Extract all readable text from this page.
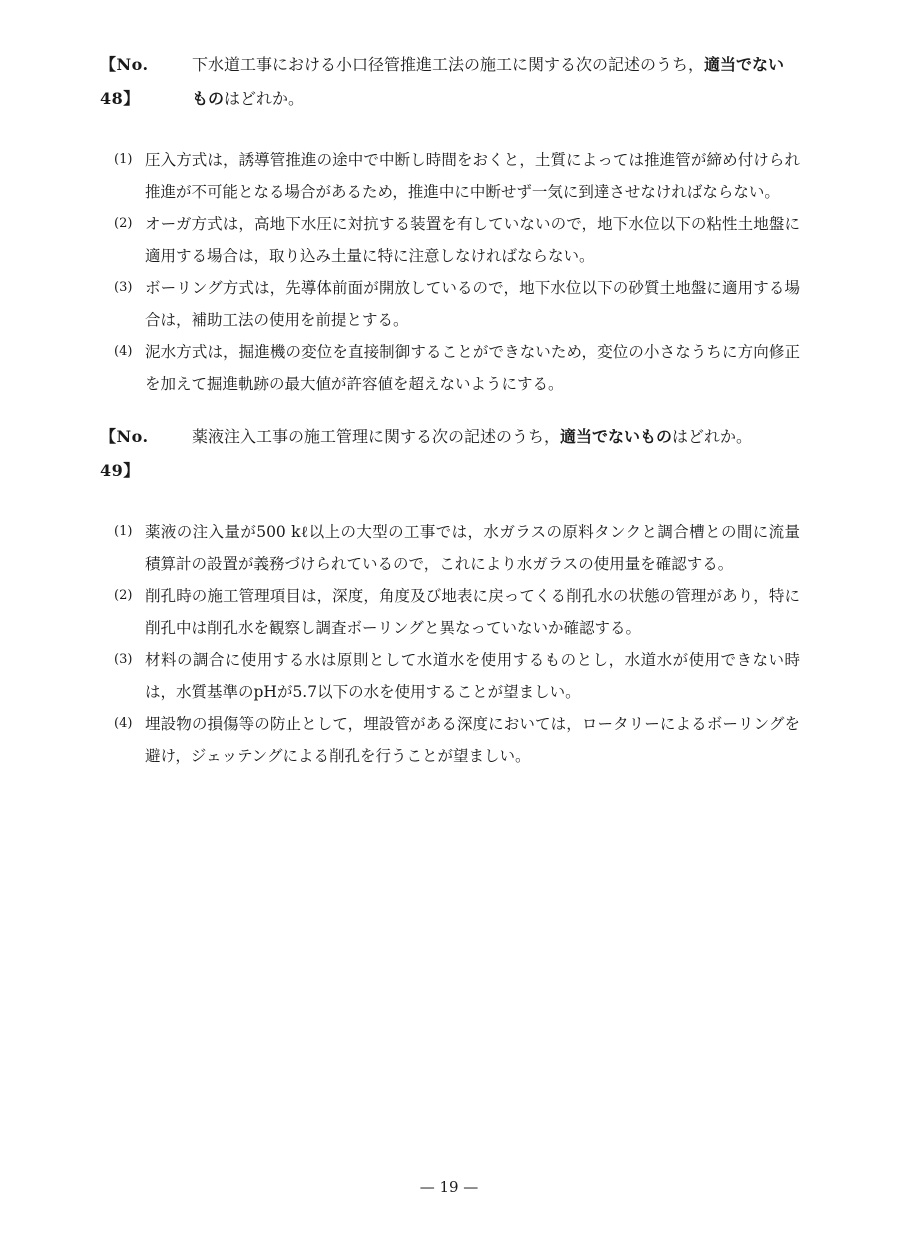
【No.　48】
下水道工事における小口径管推進工法の施工に関する次の記述のうち，適当でないものはどれか。
(1) 圧入方式は，誘導管推進の途中で中断し時間をおくと，土質によっては推進管が締め付けられ推進が不可能となる場合があるため，推進中に中断せず一気に到達させなければならない。
(2) オーガ方式は，高地下水圧に対抗する装置を有していないので，地下水位以下の粘性土地盤に適用する場合は，取り込み土量に特に注意しなければならない。
(3) ボーリング方式は，先導体前面が開放しているので，地下水位以下の砂質土地盤に適用する場合は，補助工法の使用を前提とする。
(4) 泥水方式は，掘進機の変位を直接制御することができないため，変位の小さなうちに方向修正を加えて掘進軌跡の最大値が許容値を超えないようにする。
【No.　49】
薬液注入工事の施工管理に関する次の記述のうち，適当でないものはどれか。
(1) 薬液の注入量が500 kℓ以上の大型の工事では，水ガラスの原料タンクと調合槽との間に流量積算計の設置が義務づけられているので，これにより水ガラスの使用量を確認する。
(2) 削孔時の施工管理項目は，深度，角度及び地表に戻ってくる削孔水の状態の管理があり，特に削孔中は削孔水を観察し調査ボーリングと異なっていないか確認する。
(3) 材料の調合に使用する水は原則として水道水を使用するものとし，水道水が使用できない時は，水質基準のpHが5.7以下の水を使用することが望ましい。
(4) 埋設物の損傷等の防止として，埋設管がある深度においては，ロータリーによるボーリングを避け，ジェッテングによる削孔を行うことが望ましい。
— 19 —
